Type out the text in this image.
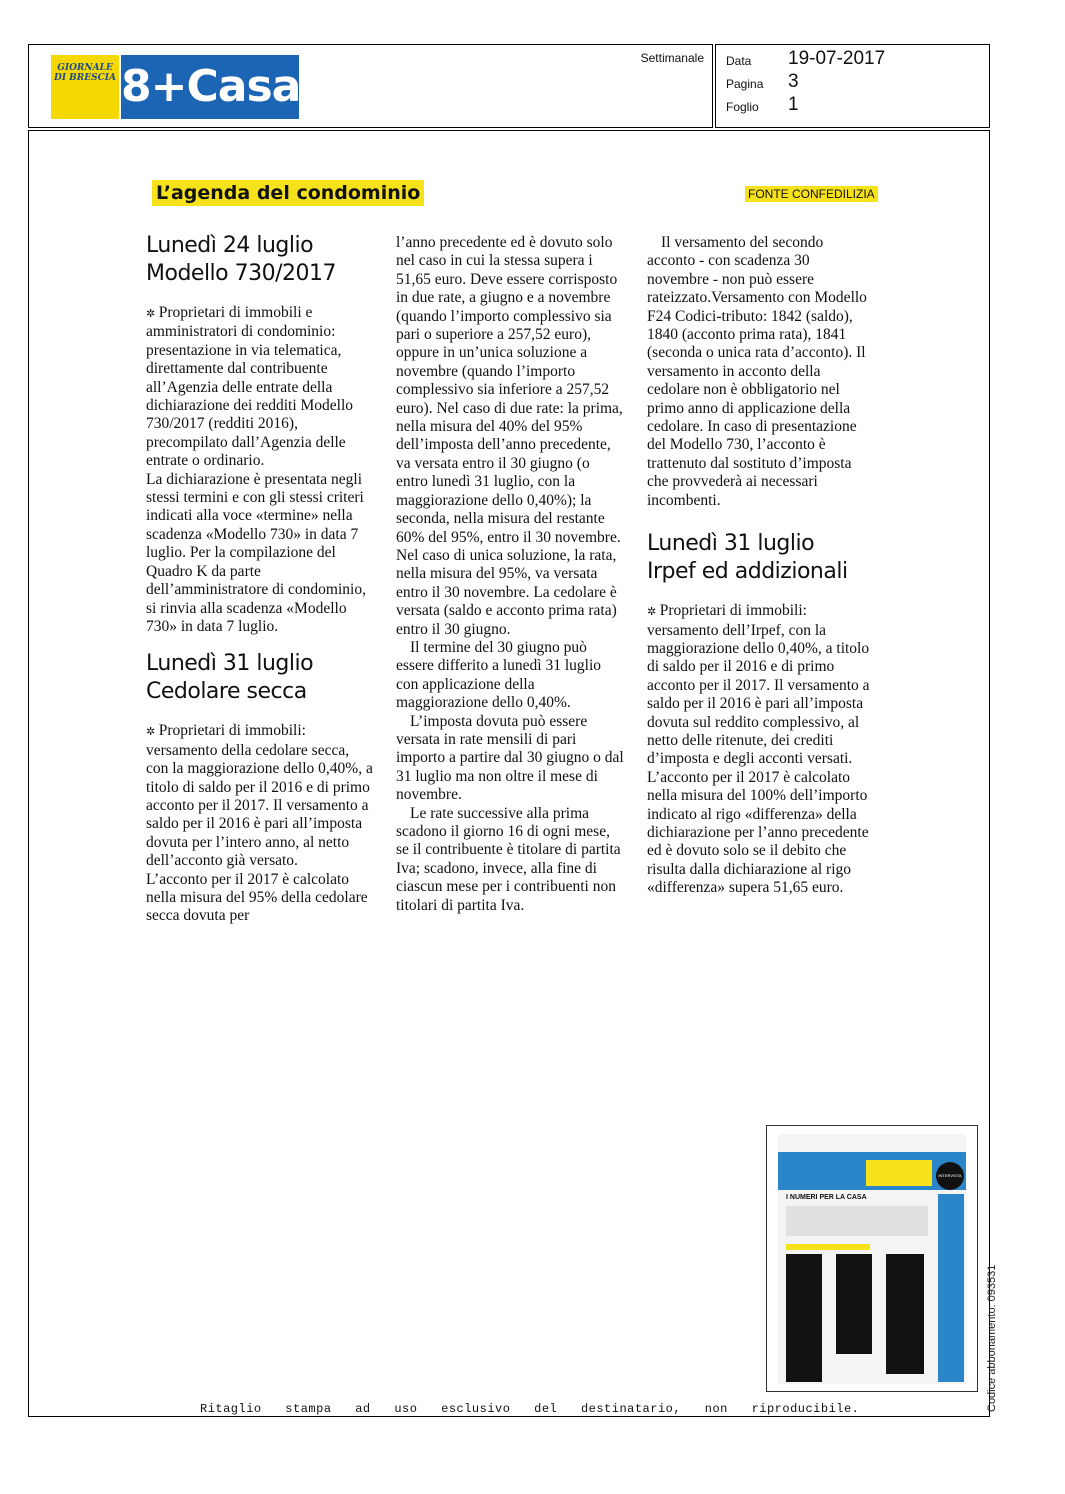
GIORNALE
DI BRESCIA 8+Casa
Settimanale Data 19-07-2017
Pagina 3
Foglio 1
L’agenda del condominio	FONTE CONFEDILIZIA
Lunedì 24 luglio
Modello 730/2017

✲ Proprietari di immobili e amministratori di condominio: presentazione in via telematica, direttamente dal contribuente all’Agenzia delle entrate della dichiarazione dei redditi Modello 730/2017 (redditi 2016), precompilato dall’Agenzia delle entrate o ordinario.

La dichiarazione è presentata negli stessi termini e con gli stessi criteri indicati alla voce «termine» nella scadenza «Modello 730» in data 7 luglio. Per la compilazione del Quadro K da parte dell’amministratore di condominio, si rinvia alla scadenza «Modello 730» in data 7 luglio.

Lunedì 31 luglio
Cedolare secca

✲ Proprietari di immobili: versamento della cedolare secca, con la maggiorazione dello 0,40%, a titolo di saldo per il 2016 e di primo acconto per il 2017. Il versamento a saldo per il 2016 è pari all’imposta dovuta per l’intero anno, al netto dell’acconto già versato.

L’acconto per il 2017 è calcolato nella misura del 95% della cedolare secca dovuta per

l’anno precedente ed è dovuto solo nel caso in cui la stessa supera i 51,65 euro. Deve essere corrisposto in due rate, a giugno e a novembre (quando l’importo complessivo sia pari o superiore a 257,52 euro), oppure in un’unica soluzione a novembre (quando l’importo complessivo sia inferiore a 257,52 euro). Nel caso di due rate: la prima, nella misura del 40% del 95% dell’imposta dell’anno precedente, va versata entro il 30 giugno (o entro lunedì 31 luglio, con la maggiorazione dello 0,40%); la seconda, nella misura del restante 60% del 95%, entro il 30 novembre. Nel caso di unica soluzione, la rata, nella misura del 95%, va versata entro il 30 novembre. La cedolare è versata (saldo e acconto prima rata) entro il 30 giugno.

Il termine del 30 giugno può essere differito a lunedì 31 luglio con applicazione della maggiorazione dello 0,40%.

L’imposta dovuta può essere versata in rate mensili di pari importo a partire dal 30 giugno o dal 31 luglio ma non oltre il mese di novembre.

Le rate successive alla prima scadono il giorno 16 di ogni mese, se il contribuente è titolare di partita Iva; scadono, invece, alla fine di ciascun mese per i contribuenti non titolari di partita Iva.

Il versamento del secondo acconto - con scadenza 30 novembre - non può essere rateizzato.Versamento con Modello F24 Codici-tributo: 1842 (saldo), 1840 (acconto prima rata), 1841 (seconda o unica rata d’acconto). Il versamento in acconto della cedolare non è obbligatorio nel primo anno di applicazione della cedolare. In caso di presentazione del Modello 730, l’acconto è trattenuto dal sostituto d’imposta che provvederà ai necessari incombenti.

Lunedì 31 luglio
Irpef ed addizionali

✲ Proprietari di immobili: versamento dell’Irpef, con la maggiorazione dello 0,40%, a titolo di saldo per il 2016 e di primo acconto per il 2017. Il versamento a saldo per il 2016 è pari all’imposta dovuta sul reddito complessivo, al netto delle ritenute, dei crediti d’imposta e degli acconti versati. L’acconto per il 2017 è calcolato nella misura del 100% dell’importo indicato al rigo «differenza» della dichiarazione per l’anno precedente ed è dovuto solo se il debito che risulta dalla dichiarazione al rigo «differenza» supera 51,65 euro.

INTERVISTA
I NUMERI PER LA CASA
Codice abbonamento: 093531
Ritaglio stampa ad uso esclusivo del destinatario, non riproducibile.
